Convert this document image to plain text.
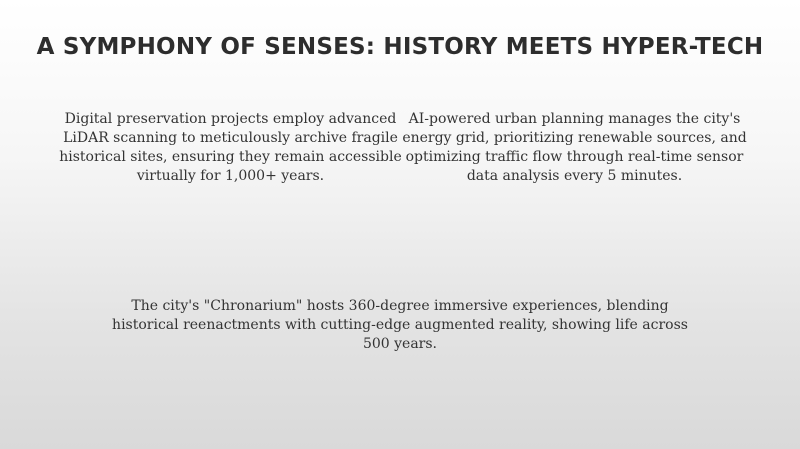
A SYMPHONY OF SENSES: HISTORY MEETS HYPER-TECH

Digital preservation projects employ advanced LiDAR scanning to meticulously archive fragile historical sites, ensuring they remain accessible virtually for 1,000+ years.

AI-powered urban planning manages the city's energy grid, prioritizing renewable sources, and optimizing traffic flow through real-time sensor data analysis every 5 minutes.

The city's "Chronarium" hosts 360-degree immersive experiences, blending historical reenactments with cutting-edge augmented reality, showing life across 500 years.
